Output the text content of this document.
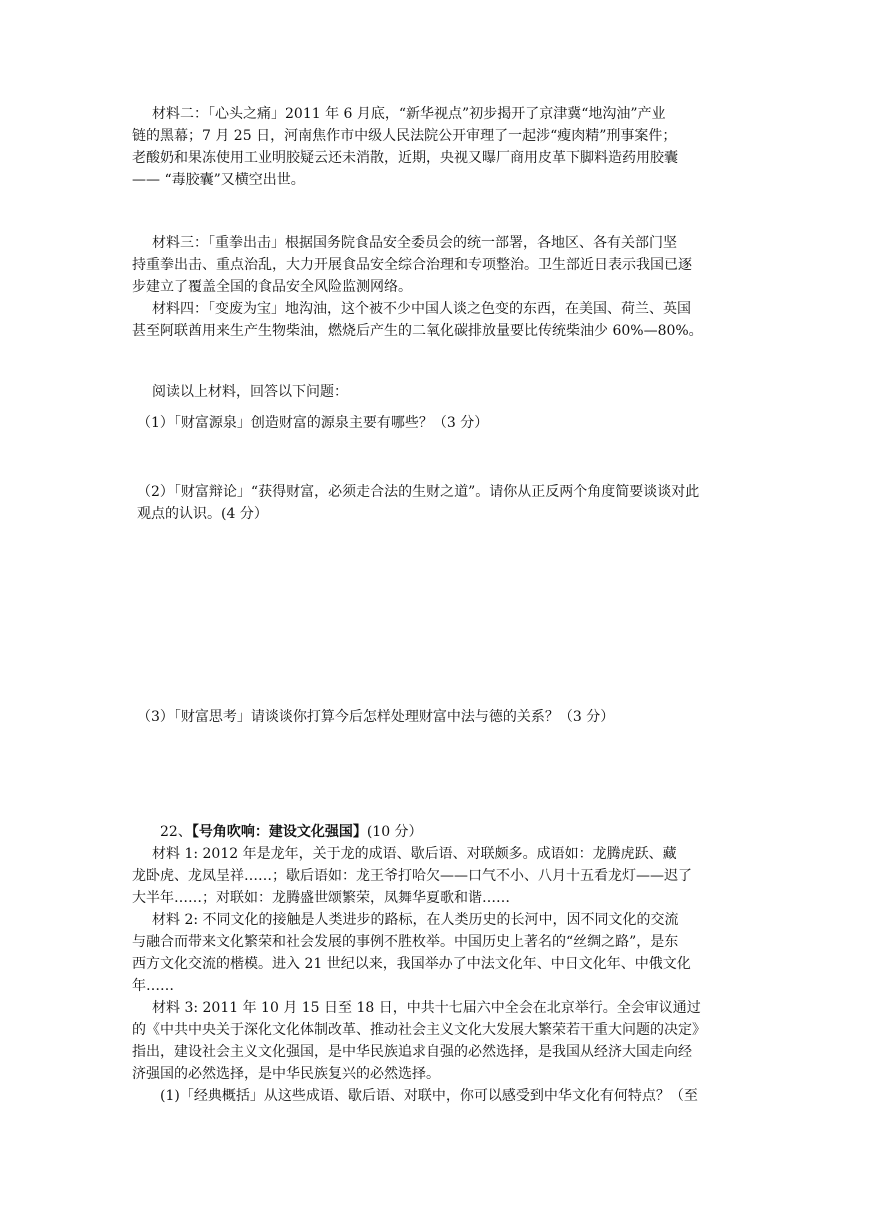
材料二：「心头之痛」2011 年 6 月底，“新华视点”初步揭开了京津冀“地沟油”产业
链的黑幕；7 月 25 日，河南焦作市中级人民法院公开审理了一起涉“瘦肉精”刑事案件；
老酸奶和果冻使用工业明胶疑云还未消散，近期，央视又曝厂商用皮革下脚料造药用胶囊
—— “毒胶囊”又横空出世。
材料三：「重拳出击」根据国务院食品安全委员会的统一部署，各地区、各有关部门坚
持重拳出击、重点治乱，大力开展食品安全综合治理和专项整治。卫生部近日表示我国已逐
步建立了覆盖全国的食品安全风险监测网络。
材料四：「变废为宝」地沟油，这个被不少中国人谈之色变的东西，在美国、荷兰、英国
甚至阿联酋用来生产生物柴油，燃烧后产生的二氧化碳排放量要比传统柴油少 60%—80%。
阅读以上材料，回答以下问题：
（1）「财富源泉」创造财富的源泉主要有哪些？（3 分）
（2）「财富辩论」“获得财富，必须走合法的生财之道”。请你从正反两个角度简要谈谈对此
观点的认识。(4 分）
（3）「财富思考」请谈谈你打算今后怎样处理财富中法与德的关系？（3 分）
22、【号角吹响：建设文化强国】(10 分）
材料 1: 2012 年是龙年，关于龙的成语、歇后语、对联颇多。成语如：龙腾虎跃、藏
龙卧虎、龙凤呈祥……；歇后语如：龙王爷打哈欠——口气不小、八月十五看龙灯——迟了
大半年……；对联如：龙腾盛世颂繁荣，凤舞华夏歌和谐……
材料 2: 不同文化的接触是人类进步的路标，在人类历史的长河中，因不同文化的交流
与融合而带来文化繁荣和社会发展的事例不胜枚举。中国历史上著名的“丝绸之路”，是东
西方文化交流的楷模。进入 21 世纪以来，我国举办了中法文化年、中日文化年、中俄文化
年……
材料 3: 2011 年 10 月 15 日至 18 日，中共十七届六中全会在北京举行。全会审议通过
的《中共中央关于深化文化体制改革、推动社会主义文化大发展大繁荣若干重大问题的决定》
指出，建设社会主义文化强国，是中华民族追求自强的必然选择，是我国从经济大国走向经
济强国的必然选择，是中华民族复兴的必然选择。
(1)「经典概括」从这些成语、歇后语、对联中，你可以感受到中华文化有何特点？（至
